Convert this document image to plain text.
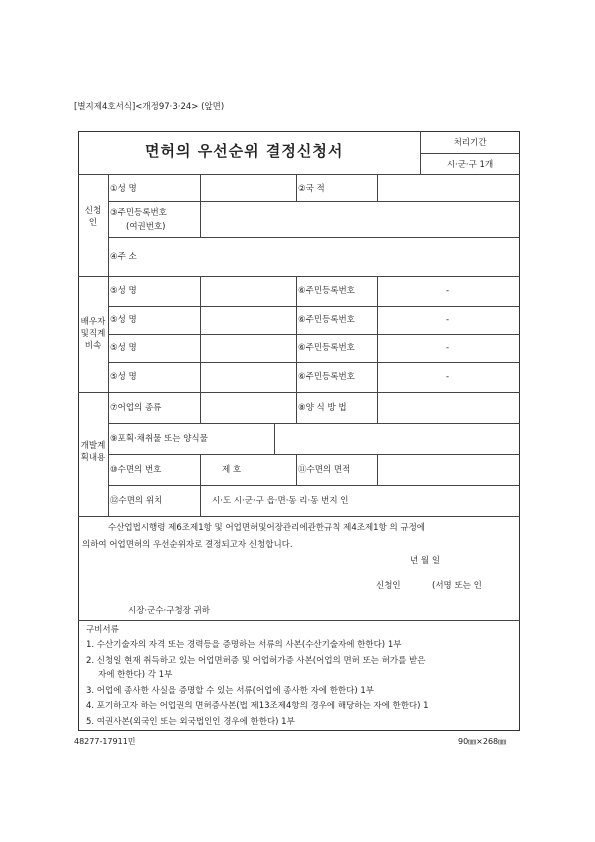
[별지제4호서식]<개정97·3·24> (앞면)
면허의 우선순위 결정신청서	처리기간
시·군·구 1개
신청인
①성 명	②국 적
③주민등록번호
(여권번호)
④주 소
배우자 및직계 비속
⑤성 명	⑥주민등록번호	-
⑤성 명	⑥주민등록번호	-
⑤성 명	⑥주민등록번호	-
⑤성 명	⑥주민등록번호	-
개발계 획내용
⑦어업의 종류	⑧양 식 방 법
⑨포획·채취물 또는 양식물
⑩수면의 번호	제 호	⑪수면의 면적
⑫수면의 위치	시·도 시·군·구 읍·면·동 리·동 번지 인
수산업법시행령 제6조제1항 및 어업면허및어장관리에관한규칙 제4조제1항 의 규정에
의하여 어업면허의 우선순위자로 결정되고자 신청합니다.
년 월 일
신청인	(서명 또는 인
시장·군수·구청장 귀하
구비서류
1. 수산기술자의 자격 또는 경력등을 증명하는 서류의 사본(수산기술자에 한한다) 1부
2. 신청일 현재 취득하고 있는 어업면허증 및 어업허가증 사본(어업의 면허 또는 허가를 받은
자에 한한다) 각 1부
3. 어업에 종사한 사실을 증명할 수 있는 서류(어업에 종사한 자에 한한다) 1부
4. 포기하고자 하는 어업권의 면허증사본(법 제13조제4항의 경우에 해당하는 자에 한한다) 1
5. 여권사본(외국인 또는 외국법인인 경우에 한한다) 1부
48277-17911민	90㎜×268㎜
